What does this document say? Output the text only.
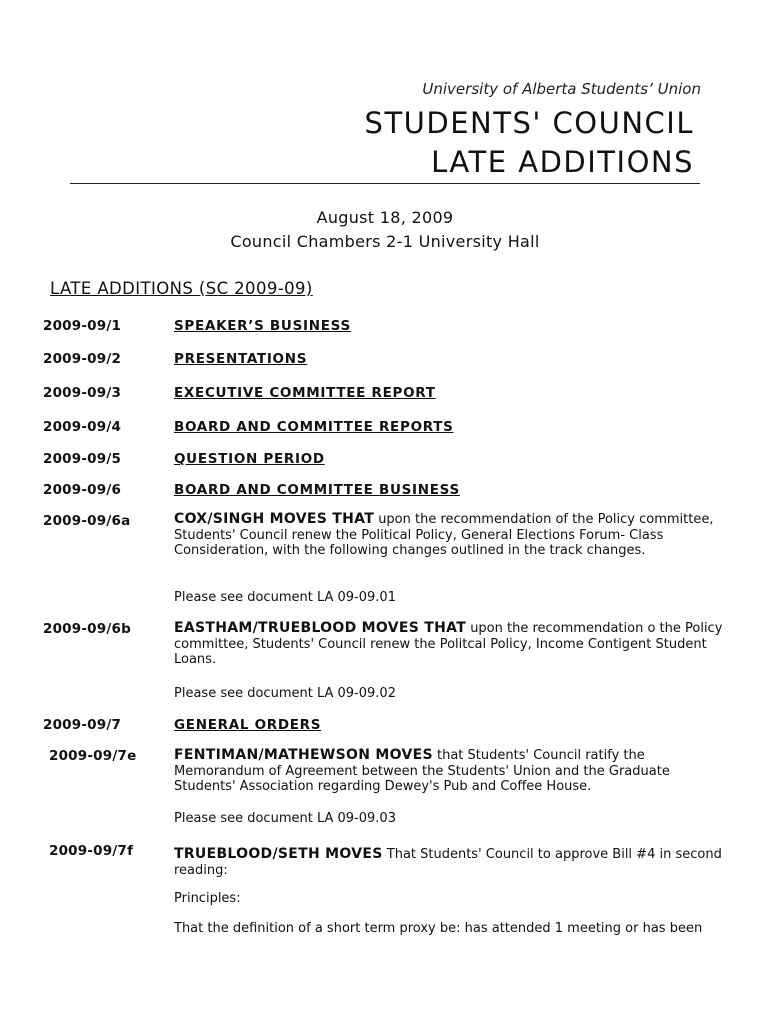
University of Alberta Students’ Union
STUDENTS' COUNCIL
LATE ADDITIONS
August 18, 2009
Council Chambers 2-1 University Hall
LATE ADDITIONS (SC 2009-09)
2009-09/1	SPEAKER’S BUSINESS
2009-09/2	PRESENTATIONS
2009-09/3	EXECUTIVE COMMITTEE REPORT
2009-09/4	BOARD AND COMMITTEE REPORTS
2009-09/5	QUESTION PERIOD
2009-09/6	BOARD AND COMMITTEE BUSINESS
2009-09/6a	COX/SINGH MOVES THAT upon the recommendation of the Policy committee, Students' Council renew the Political Policy, General Elections Forum- Class Consideration, with the following changes outlined in the track changes.
Please see document LA 09-09.01
2009-09/6b	EASTHAM/TRUEBLOOD MOVES THAT upon the recommendation o the Policy committee, Students' Council renew the Politcal Policy, Income Contigent Student Loans.
Please see document LA 09-09.02
2009-09/7	GENERAL ORDERS
2009-09/7e	FENTIMAN/MATHEWSON MOVES that Students' Council ratify the Memorandum of Agreement between the Students' Union and the Graduate Students' Association regarding Dewey's Pub and Coffee House.
Please see document LA 09-09.03
2009-09/7f	TRUEBLOOD/SETH MOVES That Students' Council to approve Bill #4 in second reading:
Principles:
That the definition of a short term proxy be: has attended 1 meeting or has been
